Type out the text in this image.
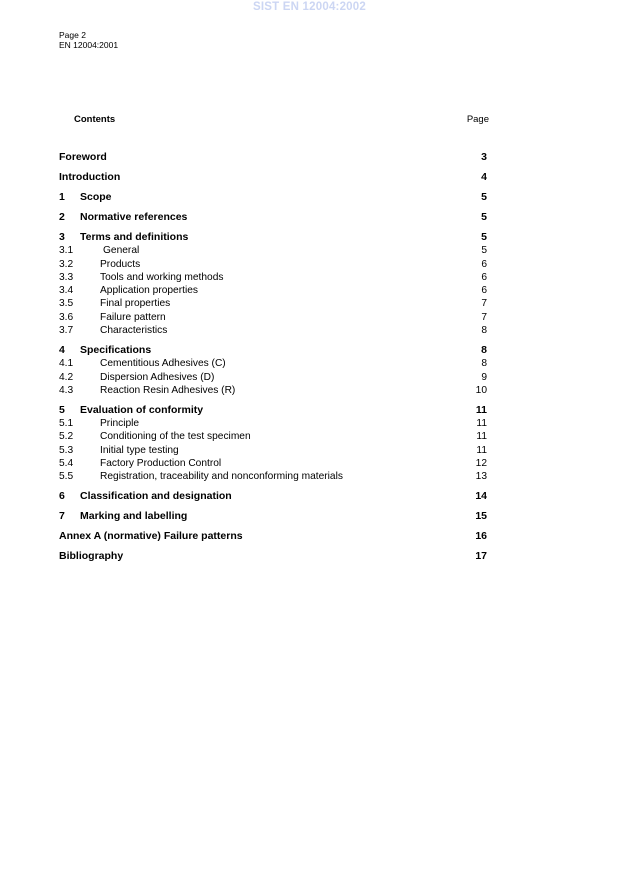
SIST EN 12004:2002
Page 2
EN 12004:2001
Contents	Page
Foreword	3
Introduction	4
1 Scope	5
2 Normative references	5
3 Terms and definitions	5
3.1	General	5
3.2	Products	6
3.3	Tools and working methods	6
3.4	Application properties	6
3.5	Final properties	7
3.6	Failure pattern	7
3.7	Characteristics	8
4 Specifications	8
4.1	Cementitious Adhesives (C)	8
4.2	Dispersion Adhesives (D)	9
4.3	Reaction Resin Adhesives (R)	10
5 Evaluation of conformity	11
5.1	Principle	11
5.2	Conditioning of the test specimen	11
5.3	Initial type testing	11
5.4	Factory Production Control	12
5.5	Registration, traceability and nonconforming materials	13
6 Classification and designation	14
7 Marking and labelling	15
Annex A (normative) Failure patterns	16
Bibliography	17
